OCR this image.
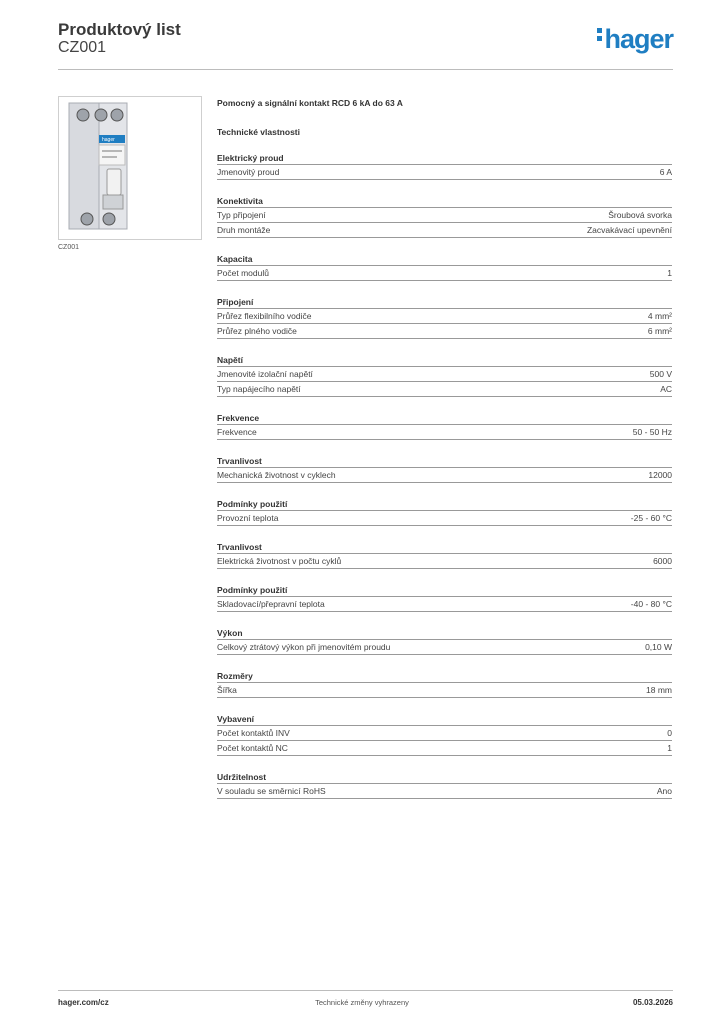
Produktový list
CZ001	hager
hager
CZ001
Pomocný a signální kontakt RCD 6 kA do 63 A
Technické vlastnosti
Elektrický proud
Jmenovitý proud	6 A
Konektivita
Typ připojení	Šroubová svorka
Druh montáže	Zacvakávací upevnění
Kapacita
Počet modulů	1
Připojení
Průřez flexibilního vodiče	4 mm²
Průřez plného vodiče	6 mm²
Napětí
Jmenovité izolační napětí	500 V
Typ napájecího napětí	AC
Frekvence
Frekvence	50 - 50 Hz
Trvanlivost
Mechanická životnost v cyklech	12000
Podmínky použití
Provozní teplota	-25 - 60 °C
Trvanlivost
Elektrická životnost v počtu cyklů	6000
Podmínky použití
Skladovací/přepravní teplota	-40 - 80 °C
Výkon
Celkový ztrátový výkon při jmenovitém proudu	0,10 W
Rozměry
Šířka	18 mm
Vybavení
Počet kontaktů INV	0
Počet kontaktů NC	1
Udržitelnost
V souladu se směrnicí RoHS	Ano
hager.com/cz	Technické změny vyhrazeny	05.03.2026
